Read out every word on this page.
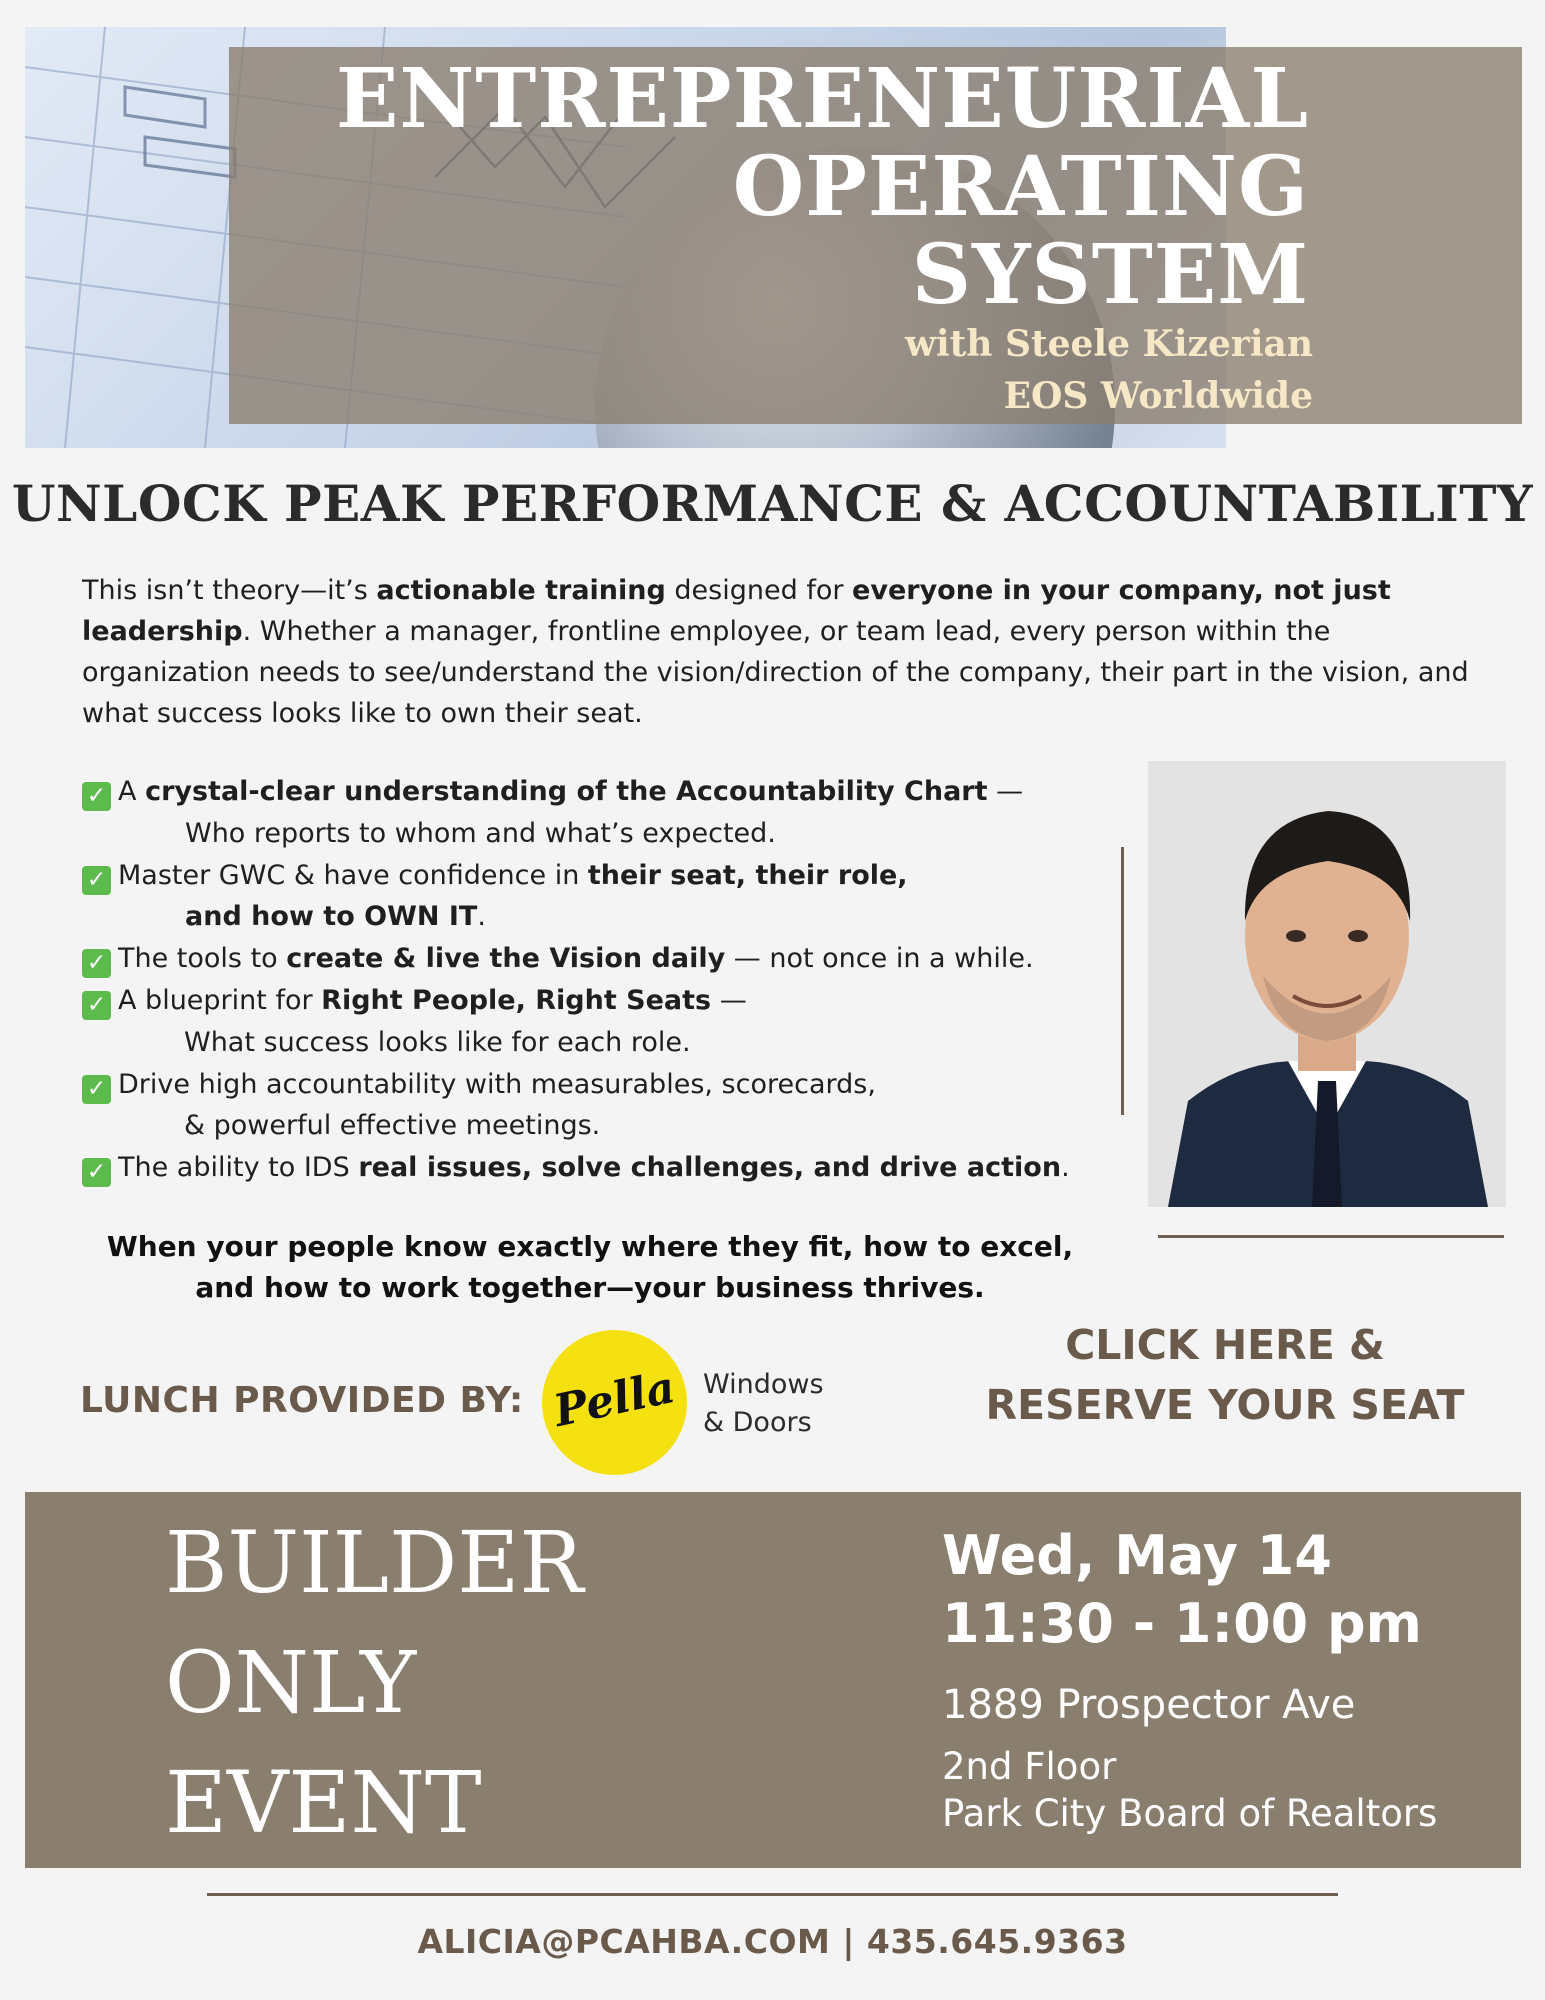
ENTREPRENEURIAL
OPERATING
SYSTEM
with Steele Kizerian
EOS Worldwide
UNLOCK PEAK PERFORMANCE & ACCOUNTABILITY

This isn’t theory—it’s actionable training designed for everyone in your company, not just leadership. Whether a manager, frontline employee, or team lead, every person within the organization needs to see/understand the vision/direction of the company, their part in the vision, and what success looks like to own their seat.

✓ A crystal-clear understanding of the Accountability Chart —
Who reports to whom and what’s expected.
✓ Master GWC & have confidence in their seat, their role,
and how to OWN IT.
✓ The tools to create & live the Vision daily — not once in a while.
✓ A blueprint for Right People, Right Seats —
What success looks like for each role.
✓ Drive high accountability with measurables, scorecards,
& powerful effective meetings.
✓ The ability to IDS real issues, solve challenges, and drive action.

When your people know exactly where they fit, how to excel, and how to work together—your business thrives.

LUNCH PROVIDED BY: Pella Windows
& Doors
CLICK HERE &
RESERVE YOUR SEAT
BUILDER
ONLY
EVENT
Wed, May 14
11:30 - 1:00 pm
1889 Prospector Ave
2nd Floor
Park City Board of Realtors
ALICIA@PCAHBA.COM | 435.645.9363
